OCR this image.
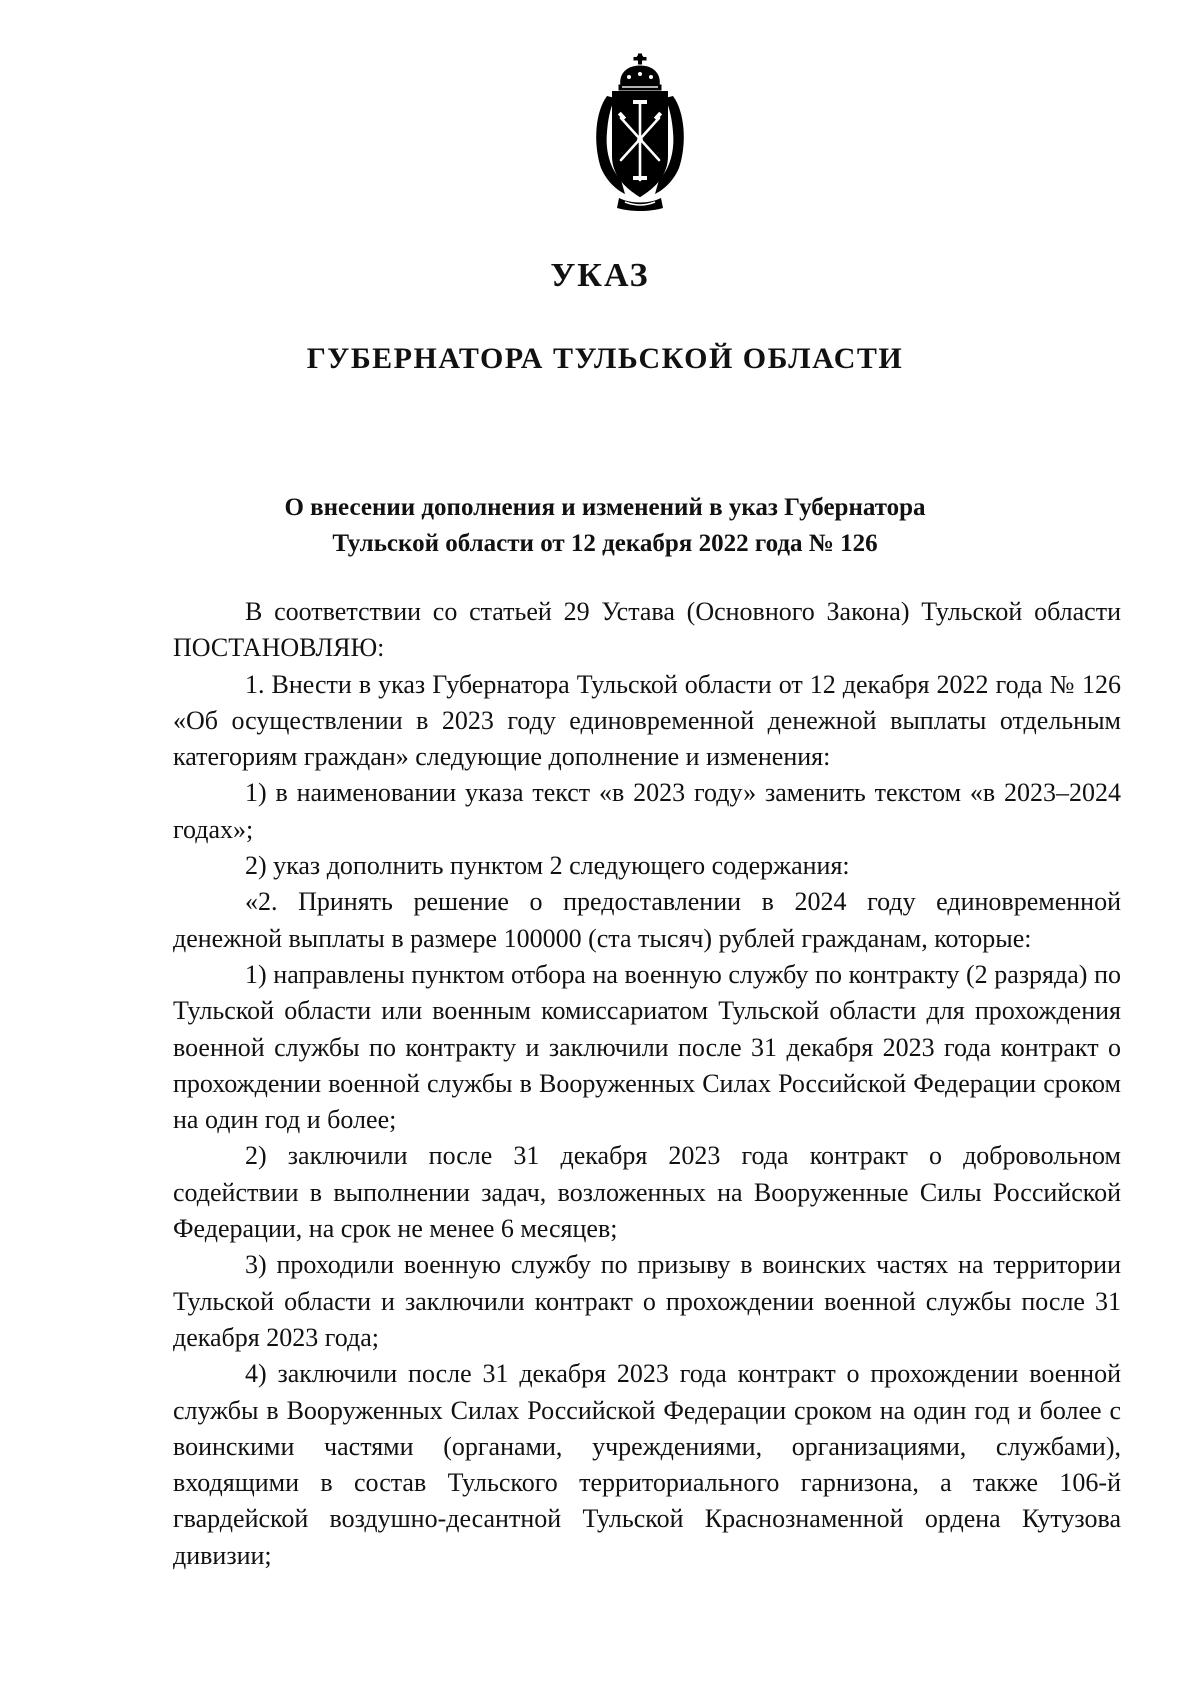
УКАЗ
ГУБЕРНАТОРА ТУЛЬСКОЙ ОБЛАСТИ
О внесении дополнения и изменений в указ Губернатора
Тульской области от 12 декабря 2022 года № 126

В соответствии со статьей 29 Устава (Основного Закона) Тульской области ПОСТАНОВЛЯЮ:

1. Внести в указ Губернатора Тульской области от 12 декабря 2022 года № 126 «Об осуществлении в 2023 году единовременной денежной выплаты отдельным категориям граждан» следующие дополнение и изменения:

1) в наименовании указа текст «в 2023 году» заменить текстом «в 2023–2024 годах»;

2) указ дополнить пунктом 2 следующего содержания:

«2. Принять решение о предоставлении в 2024 году единовременной денежной выплаты в размере 100000 (ста тысяч) рублей гражданам, которые:

1) направлены пунктом отбора на военную службу по контракту (2 разряда) по Тульской области или военным комиссариатом Тульской области для прохождения военной службы по контракту и заключили после 31 декабря 2023 года контракт о прохождении военной службы в Вооруженных Силах Российской Федерации сроком на один год и более;

2) заключили после 31 декабря 2023 года контракт о добровольном содействии в выполнении задач, возложенных на Вооруженные Силы Российской Федерации, на срок не менее 6 месяцев;

3) проходили военную службу по призыву в воинских частях на территории Тульской области и заключили контракт о прохождении военной службы после 31 декабря 2023 года;

4) заключили после 31 декабря 2023 года контракт о прохождении военной службы в Вооруженных Силах Российской Федерации сроком на один год и более с воинскими частями (органами, учреждениями, организациями, службами), входящими в состав Тульского территориального гарнизона, а также 106-й гвардейской воздушно-десантной Тульской Краснознаменной ордена Кутузова дивизии;
